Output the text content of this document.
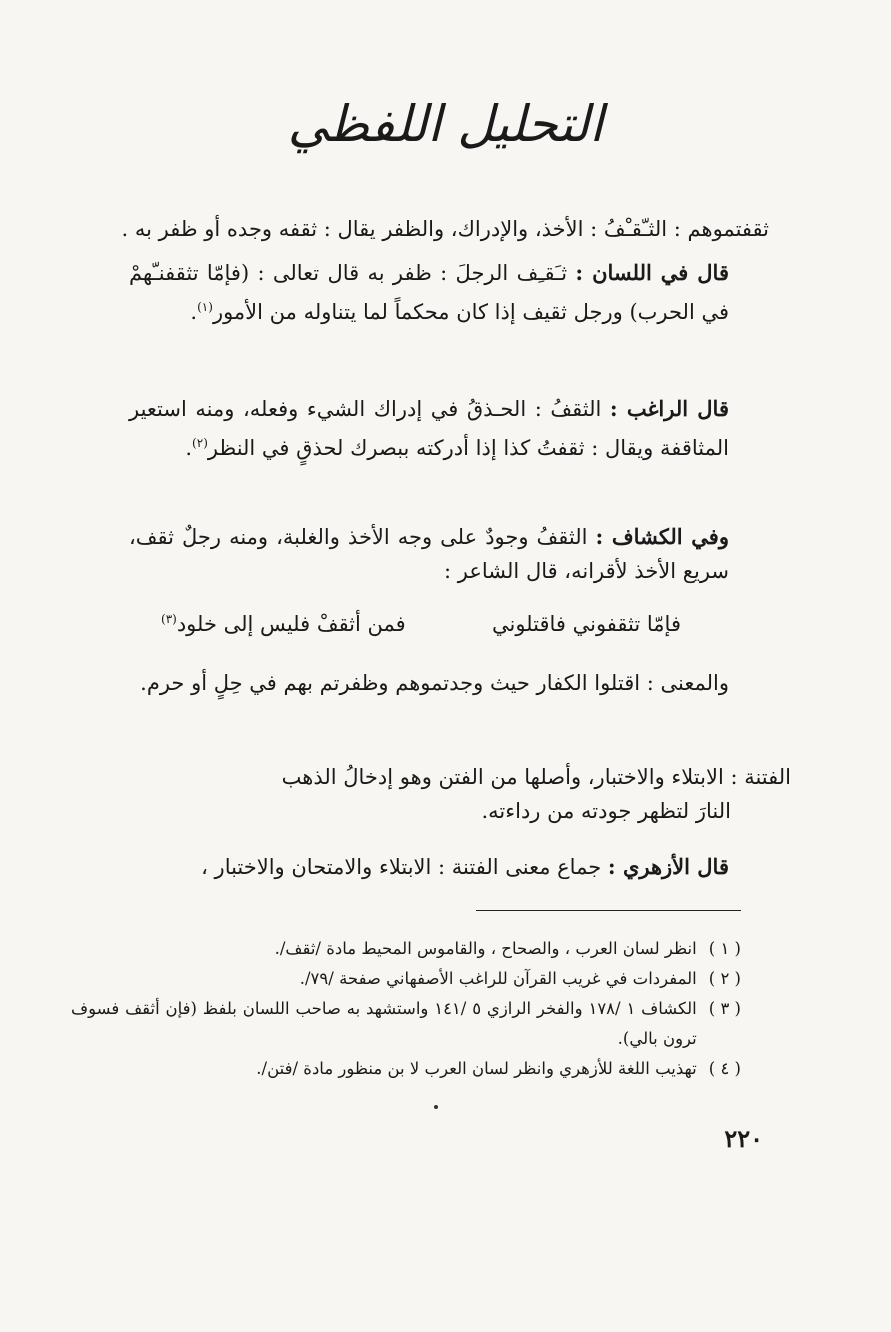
التحليل اللفظي

ثقفتموهم : الثـّقـْفُ : الأخذ، والإدراك، والظفر يقال : ثقفه وجده أو ظفر به .

قال في اللسان : ثـَقـِف الرجلَ : ظفر به قال تعالى : (فإمّا تثقفنـّهمْ في الحرب) ورجل ثقيف إذا كان محكماً لما يتناوله من الأمور$^{(١)}$.

قال الراغب : الثقفُ : الحـذقُ في إدراك الشيء وفعله، ومنه استعير المثاقفة ويقال : ثقفتُ كذا إذا أدركته ببصرك لحذقٍ في النظر$^{(٢)}$.

وفي الكشاف : الثقفُ وجودٌ على وجه الأخذ والغلبة، ومنه رجلٌ ثقف، سريع الأخذ لأقرانه، قال الشاعر :

فإمّا تثقفوني فاقتلوني
فمن أثقفْ فليس إلى خلود$^{(٣)}$

والمعنى : اقتلوا الكفار حيث وجدتموهم وظفرتم بهم في حِلٍ أو حرم.

الفتنة : الابتلاء والاختبار، وأصلها من الفتن وهو إدخالُ الذهب
النارَ لتظهر جودته من رداءته.

قال الأزهري : جماع معنى الفتنة : الابتلاء والامتحان والاختبار ،

( ١ )
انظر لسان العرب ، والصحاح ، والقاموس المحيط مادة /ثقف/.
( ٢ )
المفردات في غريب القرآن للراغب الأصفهاني صفحة /٧٩/.
( ٣ )
الكشاف ١ /١٧٨ والفخر الرازي ٥ /١٤١ واستشهد به صاحب اللسان بلفظ (فإن أثقف فسوف ترون بالي).
( ٤ )
تهذيب اللغة للأزهري وانظر لسان العرب لا بن منظور مادة /فتن/.
٢٢٠
